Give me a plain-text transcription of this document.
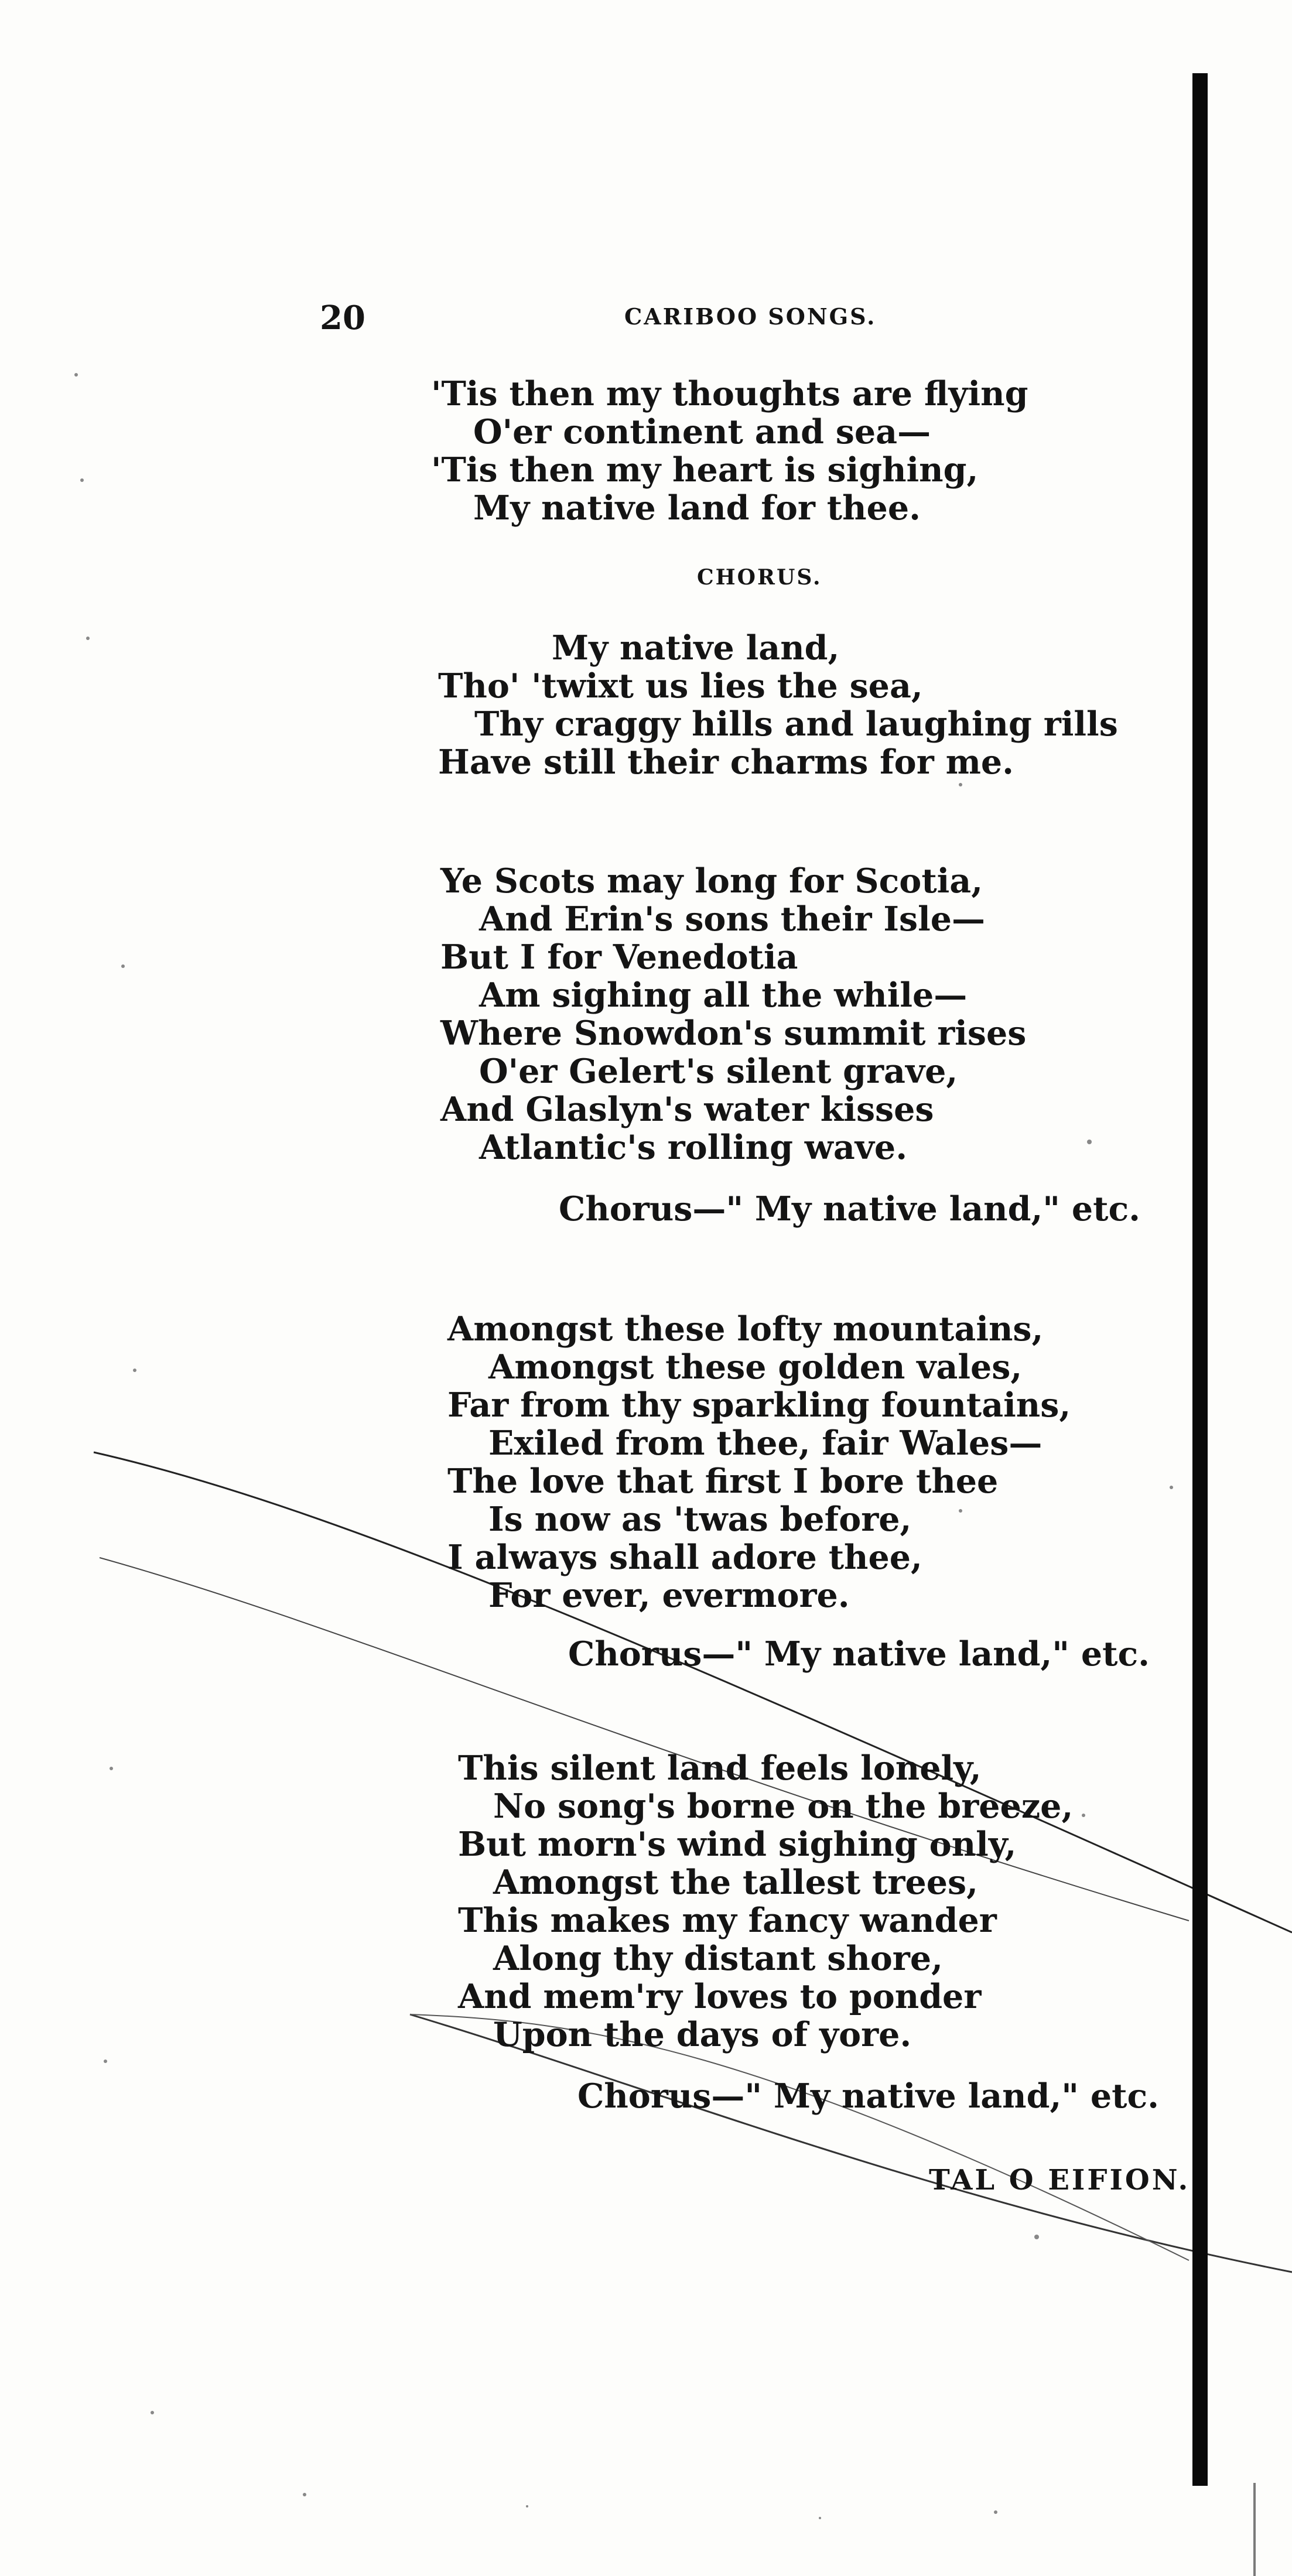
20	CARIBOO SONGS.
'Tis then my thoughts are flying
O'er continent and sea—
'Tis then my heart is sighing,
My native land for thee.
CHORUS.
My native land,
Tho' 'twixt us lies the sea,
Thy craggy hills and laughing rills
Have still their charms for me.
Ye Scots may long for Scotia,
And Erin's sons their Isle—
But I for Venedotia
Am sighing all the while—
Where Snowdon's summit rises
O'er Gelert's silent grave,
And Glaslyn's water kisses
Atlantic's rolling wave.
Chorus—" My native land," etc.
Amongst these lofty mountains,
Amongst these golden vales,
Far from thy sparkling fountains,
Exiled from thee, fair Wales—
The love that first I bore thee
Is now as 'twas before,
I always shall adore thee,
For ever, evermore.
Chorus—" My native land," etc.
This silent land feels lonely,
No song's borne on the breeze,
But morn's wind sighing only,
Amongst the tallest trees,
This makes my fancy wander
Along thy distant shore,
And mem'ry loves to ponder
Upon the days of yore.
Chorus—" My native land," etc.
TAL O EIFION.
